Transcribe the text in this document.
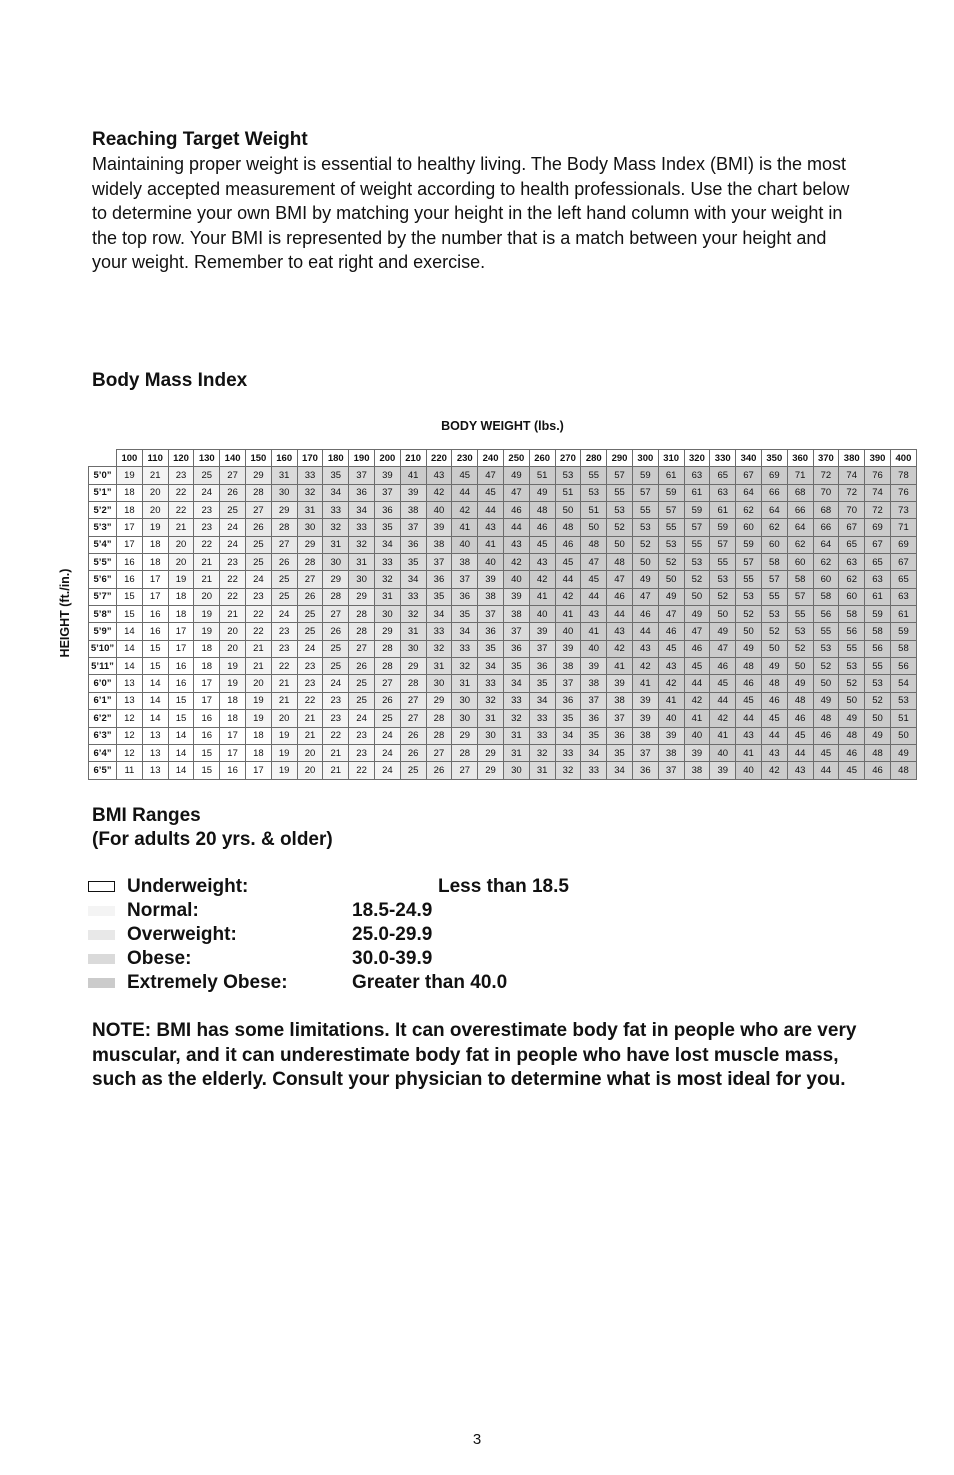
Reaching Target Weight

Maintaining proper weight is essential to healthy living. The Body Mass Index (BMI) is the most widely accepted measurement of weight according to health professionals. Use the chart below to determine your own BMI by matching your height in the left hand column with your weight in the top row. Your BMI is represented by the number that is a match between your height and your weight. Remember to eat right and exercise.

Body Mass Index
BODY WEIGHT (lbs.)
HEIGHT (ft./in.)
	100	110	120	130	140	150	160	170	180	190	200	210	220	230	240	250	260	270	280	290	300	310	320	330	340	350	360	370	380	390	400
5’0”	19	21	23	25	27	29	31	33	35	37	39	41	43	45	47	49	51	53	55	57	59	61	63	65	67	69	71	72	74	76	78
5’1”	18	20	22	24	26	28	30	32	34	36	37	39	42	44	45	47	49	51	53	55	57	59	61	63	64	66	68	70	72	74	76
5’2”	18	20	22	23	25	27	29	31	33	34	36	38	40	42	44	46	48	50	51	53	55	57	59	61	62	64	66	68	70	72	73
5’3”	17	19	21	23	24	26	28	30	32	33	35	37	39	41	43	44	46	48	50	52	53	55	57	59	60	62	64	66	67	69	71
5’4”	17	18	20	22	24	25	27	29	31	32	34	36	38	40	41	43	45	46	48	50	52	53	55	57	59	60	62	64	65	67	69
5’5”	16	18	20	21	23	25	26	28	30	31	33	35	37	38	40	42	43	45	47	48	50	52	53	55	57	58	60	62	63	65	67
5’6”	16	17	19	21	22	24	25	27	29	30	32	34	36	37	39	40	42	44	45	47	49	50	52	53	55	57	58	60	62	63	65
5’7”	15	17	18	20	22	23	25	26	28	29	31	33	35	36	38	39	41	42	44	46	47	49	50	52	53	55	57	58	60	61	63
5’8”	15	16	18	19	21	22	24	25	27	28	30	32	34	35	37	38	40	41	43	44	46	47	49	50	52	53	55	56	58	59	61
5’9”	14	16	17	19	20	22	23	25	26	28	29	31	33	34	36	37	39	40	41	43	44	46	47	49	50	52	53	55	56	58	59
5’10”	14	15	17	18	20	21	23	24	25	27	28	30	32	33	35	36	37	39	40	42	43	45	46	47	49	50	52	53	55	56	58
5’11”	14	15	16	18	19	21	22	23	25	26	28	29	31	32	34	35	36	38	39	41	42	43	45	46	48	49	50	52	53	55	56
6’0”	13	14	16	17	19	20	21	23	24	25	27	28	30	31	33	34	35	37	38	39	41	42	44	45	46	48	49	50	52	53	54
6’1”	13	14	15	17	18	19	21	22	23	25	26	27	29	30	32	33	34	36	37	38	39	41	42	44	45	46	48	49	50	52	53
6’2”	12	14	15	16	18	19	20	21	23	24	25	27	28	30	31	32	33	35	36	37	39	40	41	42	44	45	46	48	49	50	51
6’3”	12	13	14	16	17	18	19	21	22	23	24	26	28	29	30	31	33	34	35	36	38	39	40	41	43	44	45	46	48	49	50
6’4”	12	13	14	15	17	18	19	20	21	23	24	26	27	28	29	31	32	33	34	35	37	38	39	40	41	43	44	45	46	48	49
6’5”	11	13	14	15	16	17	19	20	21	22	24	25	26	27	29	30	31	32	33	34	36	37	38	39	40	42	43	44	45	46	48
BMI Ranges
(For adults 20 yrs. & older)
Underweight:	Less than 18.5
Normal:	18.5-24.9
Overweight:	25.0-29.9
Obese:	30.0-39.9
Extremely Obese:	Greater than 40.0

NOTE: BMI has some limitations. It can overestimate body fat in people who are very muscular, and it can underestimate body fat in people who have lost muscle mass, such as the elderly. Consult your physician to determine what is most ideal for you.

3
